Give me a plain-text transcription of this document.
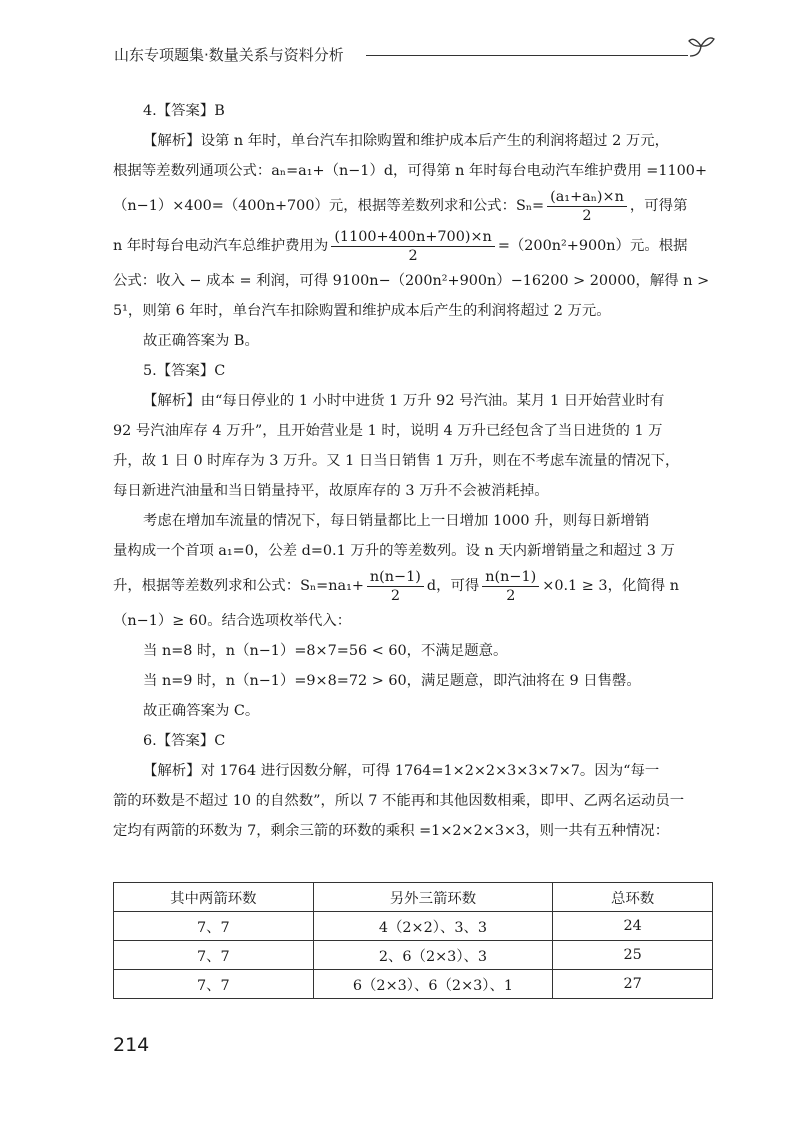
山东专项题集·数量关系与资料分析
4.【答案】B
【解析】设第 n 年时，单台汽车扣除购置和维护成本后产生的利润将超过 2 万元，
根据等差数列通项公式：aₙ=a₁+（n−1）d，可得第 n 年时每台电动汽车维护费用 =1100+
（n−1）×400=（400n+700）元，根据等差数列求和公式：$S_n= \frac{\text{(a₁+aₙ)×n}}{2}$ ，可得第
n 年时每台电动汽车总维护费用为 $\frac{(1100+400n+700)\times n}{2} =(200n^2+900n)$元。根据
公式：收入 − 成本 = 利润，可得 9100n−（200n²+900n）−16200 > 20000，解得 n >
5¹，则第 6 年时，单台汽车扣除购置和维护成本后产生的利润将超过 2 万元。
故正确答案为 B。
5.【答案】C
【解析】由“每日停业的 1 小时中进货 1 万升 92 号汽油。某月 1 日开始营业时有
92 号汽油库存 4 万升”，且开始营业是 1 时，说明 4 万升已经包含了当日进货的 1 万
升，故 1 日 0 时库存为 3 万升。又 1 日当日销售 1 万升，则在不考虑车流量的情况下，
每日新进汽油量和当日销量持平，故原库存的 3 万升不会被消耗掉。
考虑在增加车流量的情况下，每日销量都比上一日增加 1000 升，则每日新增销
量构成一个首项 a₁=0，公差 d=0.1 万升的等差数列。设 n 天内新增销量之和超过 3 万
升，根据等差数列求和公式：$S_n=na_1+ \frac{n(n-1)}{2}$ d，可得 $\frac{n(n-1)}{2} \times 0.1 \ge 3$，化简得 n
（n−1）≥ 60。结合选项枚举代入：
当 n=8 时，n（n−1）=8×7=56 < 60，不满足题意。
当 n=9 时，n（n−1）=9×8=72 > 60，满足题意，即汽油将在 9 日售罄。
故正确答案为 C。
6.【答案】C
【解析】对 1764 进行因数分解，可得 1764=1×2×2×3×3×7×7。因为“每一
箭的环数是不超过 10 的自然数”，所以 7 不能再和其他因数相乘，即甲、乙两名运动员一
定均有两箭的环数为 7，剩余三箭的环数的乘积 =1×2×2×3×3，则一共有五种情况：
其中两箭环数	另外三箭环数	总环数
7、7	4（2×2）、3、3	24
7、7	2、6（2×3）、3	25
7、7	6（2×3）、6（2×3）、1	27
214
